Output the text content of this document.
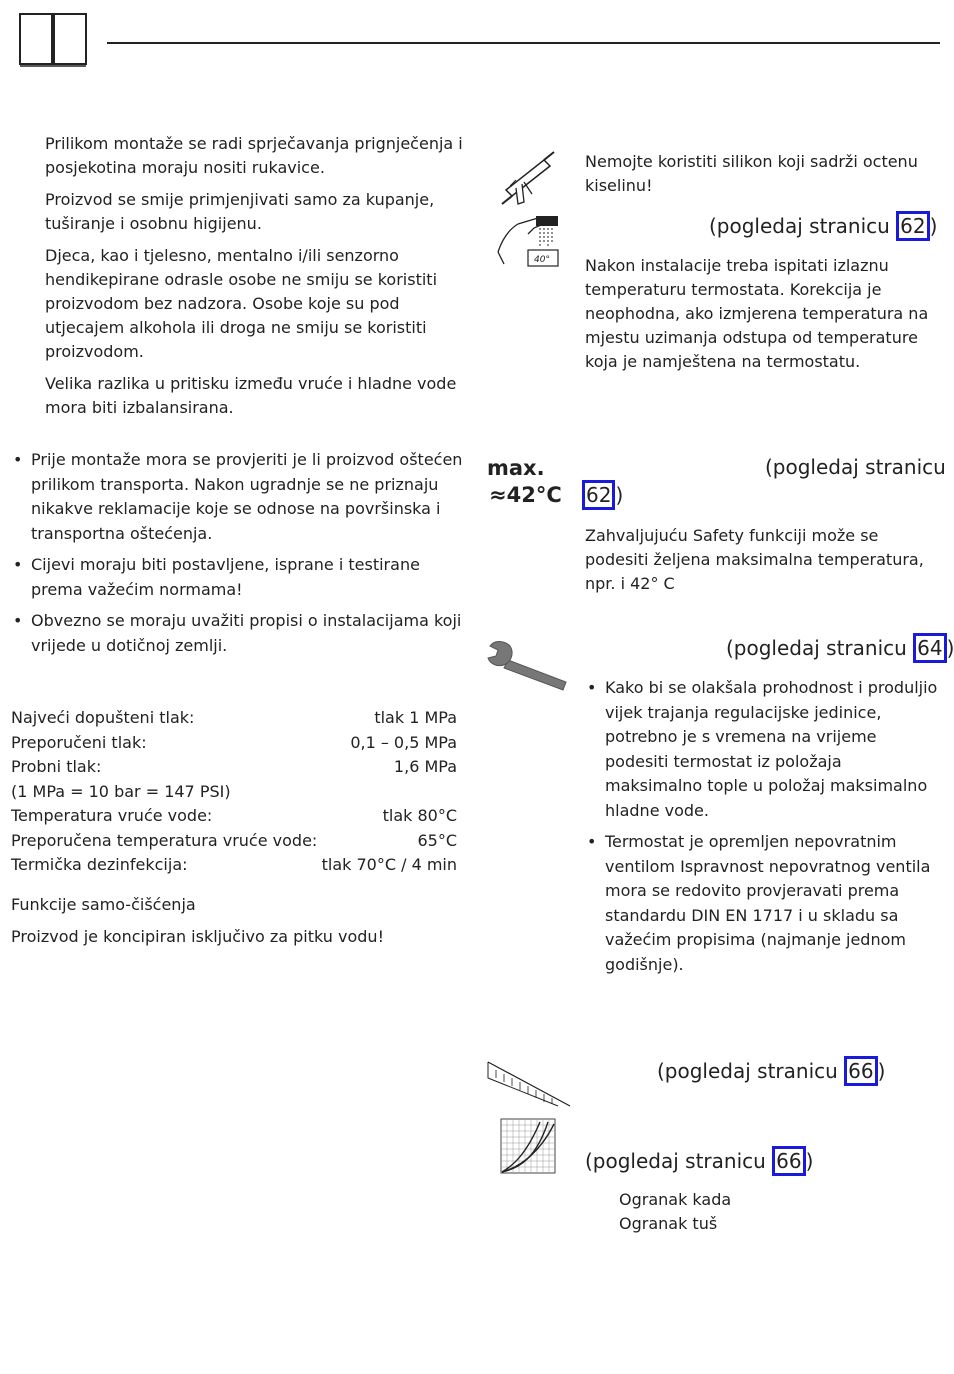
Prilikom montaže se radi sprječavanja prignječenja i posjekotina moraju nositi rukavice.

Proizvod se smije primjenjivati samo za kupanje, tuširanje i osobnu higijenu.

Djeca, kao i tjelesno, mentalno i/ili senzorno hendikepirane odrasle osobe ne smiju se koristiti proizvodom bez nadzora. Osobe koje su pod utjecajem alkohola ili droga ne smiju se koristiti proizvodom.

Velika razlika u pritisku između vruće i hladne vode mora biti izbalansirana.

• Prije montaže mora se provjeriti je li proizvod oštećen prilikom transporta. Nakon ugradnje se ne priznaju nikakve reklamacije koje se odnose na površinska i transportna oštećenja.
• Cijevi moraju biti postavljene, isprane i testirane prema važećim normama!
• Obvezno se moraju uvažiti propisi o instalacijama koji vrijede u dotičnoj zemlji.
Najveći dopušteni tlak:	tlak 1 MPa
Preporučeni tlak:	0,1 – 0,5 MPa
Probni tlak:	1,6 MPa
(1 MPa = 10 bar = 147 PSI)
Temperatura vruće vode:	tlak 80°C
Preporučena temperatura vruće vode:	65°C
Termička dezinfekcija:	tlak 70°C / 4 min
Funkcije samo-čišćenja
Proizvod je koncipiran isključivo za pitku vodu!
40°
Nemojte koristiti silikon koji sadrži octenu kiselinu!
(pogledaj stranicu 62 )
Nakon instalacije treba ispitati izlaznu temperaturu termostata. Korekcija je neophodna, ako izmjerena temperatura na mjestu uzimanja odstupa od temperature koja je namještena na termostatu.
max.
≈42°C
(pogledaj stranicu
62 )
Zahvaljujuću Safety funkciji može se podesiti željena maksimalna temperatura, npr. i 42° C
(pogledaj stranicu 64 )
• Kako bi se olakšala prohodnost i produljio vijek trajanja regulacijske jedinice, potrebno je s vremena na vrijeme podesiti termostat iz položaja maksimalno tople u položaj maksimalno hladne vode.
• Termostat je opremljen nepovratnim ventilom Ispravnost nepovratnog ventila mora se redovito provjeravati prema standardu DIN EN 1717 i u skladu sa važećim propisima (najmanje jednom godišnje).
(pogledaj stranicu 66 )
(pogledaj stranicu 66 )
Ogranak kada
Ogranak tuš
